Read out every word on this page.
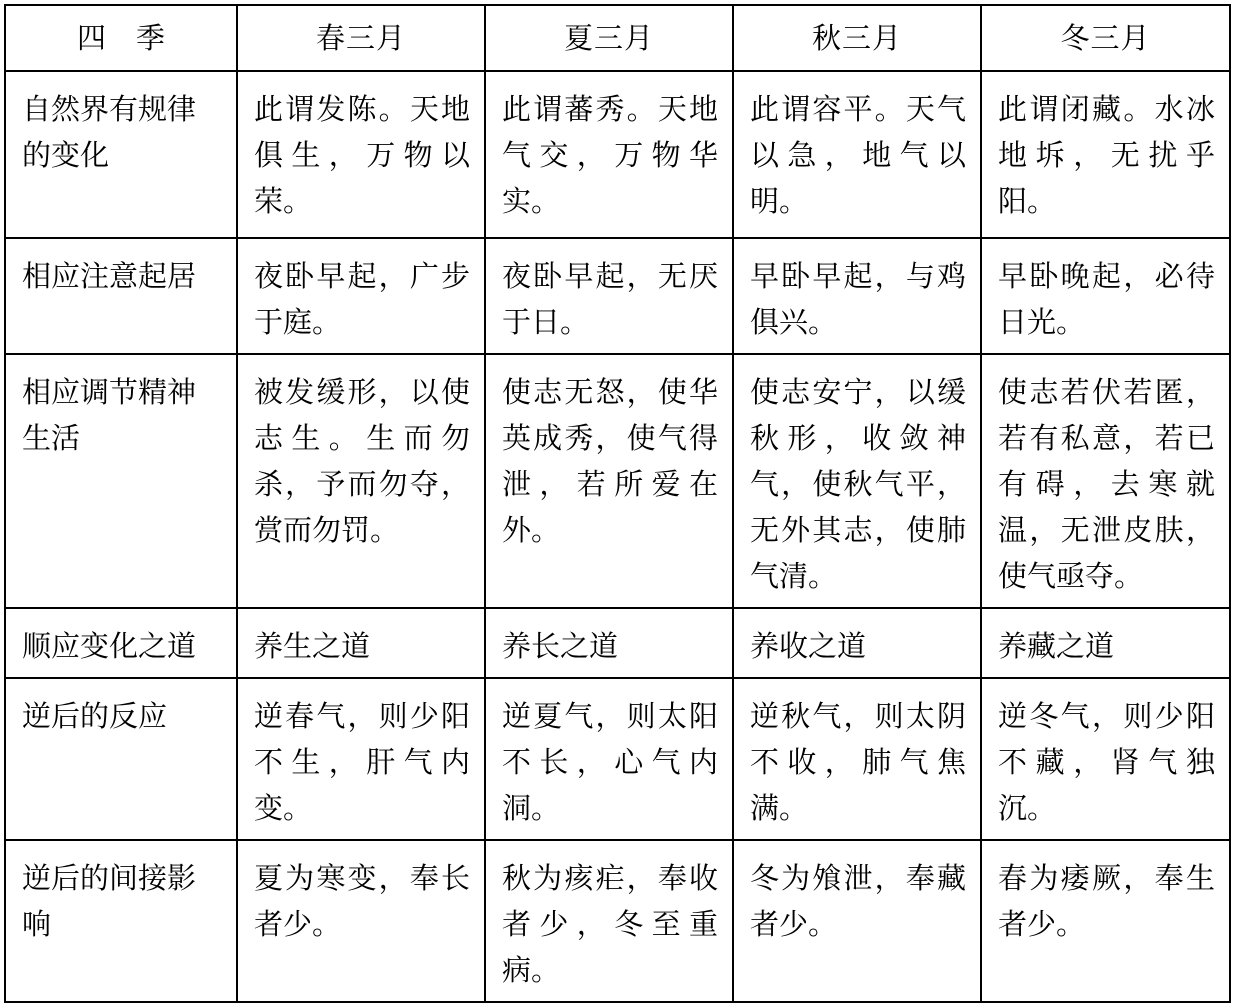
四 季	春三月	夏三月	秋三月	冬三月
自然界有规律的变化	此谓发陈。天地俱生，万物以荣。	此谓蕃秀。天地气交，万物华实。	此谓容平。天气以急，地气以明。	此谓闭藏。水冰地坼，无扰乎阳。
相应注意起居	夜卧早起，广步于庭。	夜卧早起，无厌于日。	早卧早起，与鸡俱兴。	早卧晚起，必待日光。
相应调节精神生活	被发缓形，以使志生。生而勿杀，予而勿夺，赏而勿罚。	使志无怒，使华英成秀，使气得泄，若所爱在外。	使志安宁，以缓秋形，收敛神气，使秋气平，无外其志，使肺气清。	使志若伏若匿，若有私意，若已有碍，去寒就温，无泄皮肤，使气亟夺。
顺应变化之道	养生之道	养长之道	养收之道	养藏之道
逆后的反应	逆春气，则少阳不生，肝气内变。	逆夏气，则太阳不长，心气内洞。	逆秋气，则太阴不收，肺气焦满。	逆冬气，则少阳不藏，肾气独沉。
逆后的间接影响	夏为寒变，奉长者少。	秋为痎疟，奉收者少，冬至重病。	冬为飧泄，奉藏者少。	春为痿厥，奉生者少。
